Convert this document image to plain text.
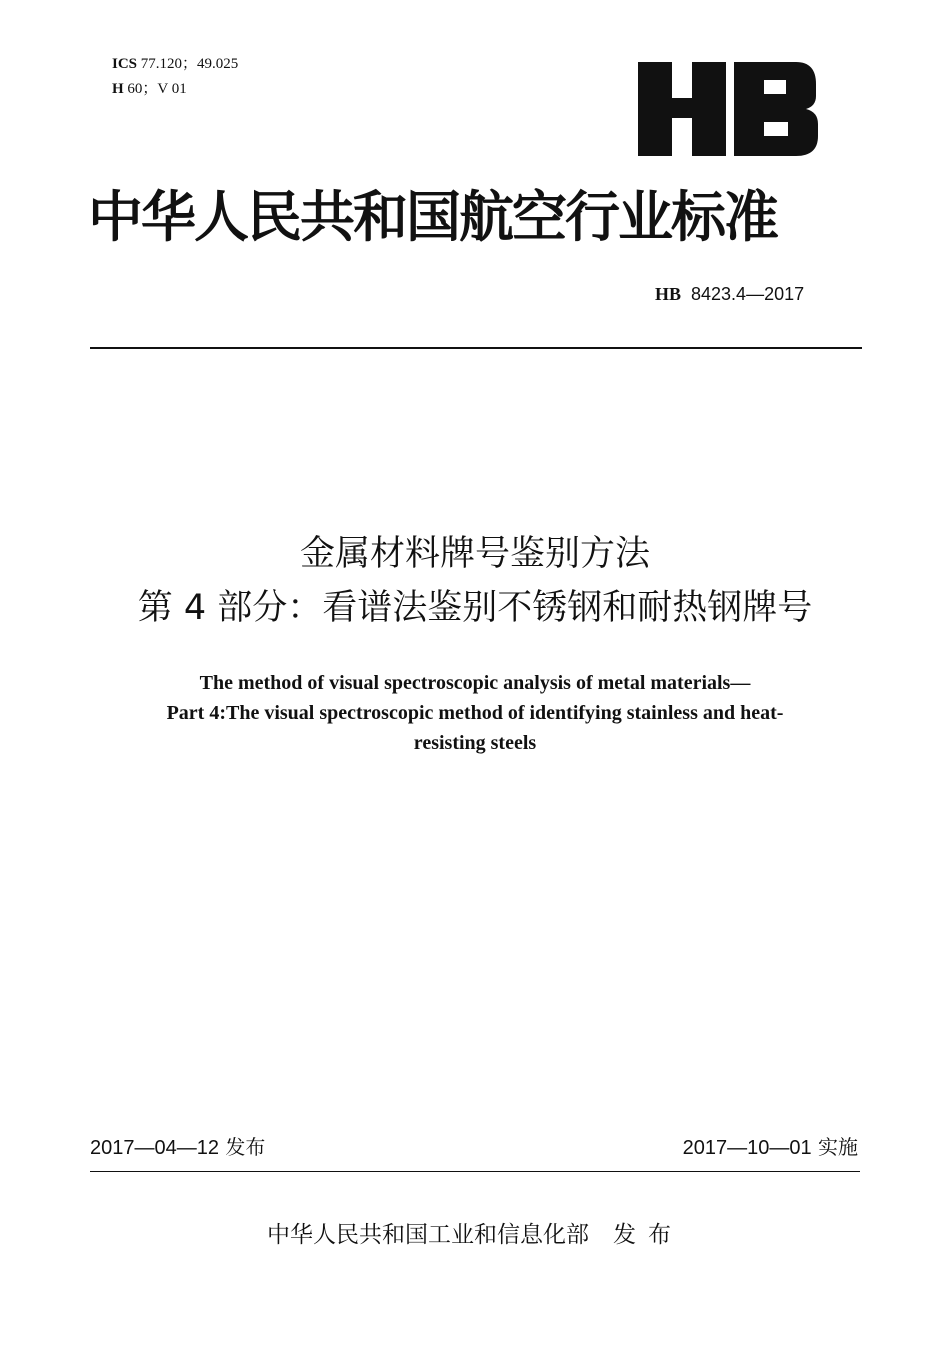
ICS 77.120；49.025
H 60；V 01
中华人民共和国航空行业标准
HB 8423.4—2017
金属材料牌号鉴别方法
第 4 部分：看谱法鉴别不锈钢和耐热钢牌号
The method of visual spectroscopic analysis of metal materials—
Part 4:The visual spectroscopic method of identifying stainless and heat-
resisting steels
2017—04—12 发布	2017—10—01 实施
中华人民共和国工业和信息化部 发布
